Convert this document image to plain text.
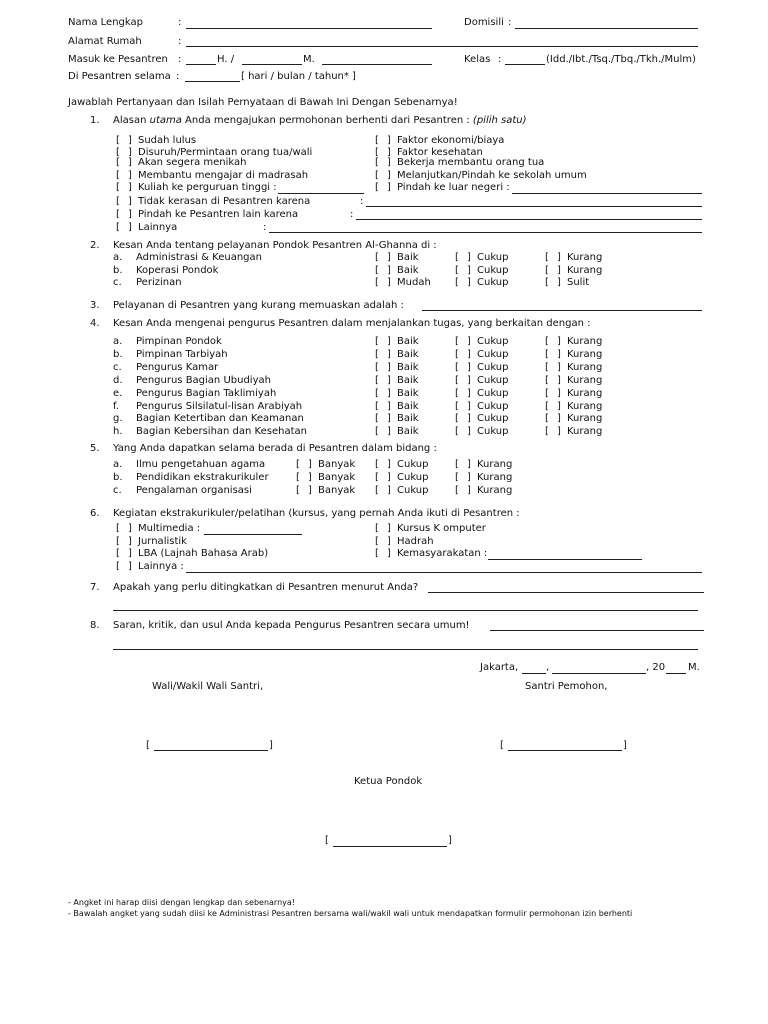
Nama Lengkap	:	Domisili :
Alamat Rumah	:
Masuk ke Pesantren :	H. /	M.	Kelas :	(Idd./Ibt./Tsq./Tbq./Tkh./Mulm)
Di Pesantren selama :	[ hari / bulan / tahun* ]
Jawablah Pertanyaan dan Isilah Pernyataan di Bawah Ini Dengan Sebenarnya!
1. Alasan utama Anda mengajukan permohonan berhenti dari Pesantren : (pilih satu)
[ ] Sudah lulus
[ ] Disuruh/Permintaan orang tua/wali
[ ] Akan segera menikah
[ ] Membantu mengajar di madrasah
[ ] Kuliah ke perguruan tinggi :
[ ] Faktor ekonomi/biaya
[ ] Faktor kesehatan
[ ] Bekerja membantu orang tua
[ ] Melanjutkan/Pindah ke sekolah umum
[ ] Pindah ke luar negeri :
[ ] Tidak kerasan di Pesantren karena	:
[ ] Pindah ke Pesantren lain karena	:
[ ] Lainnya	:
2. Kesan Anda tentang pelayanan Pondok Pesantren Al-Ghanna di :
a. Administrasi & Keuangan	[ ] Baik	[ ] Cukup	[ ] Kurang
b. Koperasi Pondok	[ ] Baik	[ ] Cukup	[ ] Kurang
c. Perizinan	[ ] Mudah [ ] Cukup	[ ] Sulit
3. Pelayanan di Pesantren yang kurang memuaskan adalah :
4. Kesan Anda mengenai pengurus Pesantren dalam menjalankan tugas, yang berkaitan dengan :
a. Pimpinan Pondok	[ ] Baik	[ ] Cukup	[ ] Kurang
b. Pimpinan Tarbiyah	[ ] Baik	[ ] Cukup	[ ] Kurang
c. Pengurus Kamar	[ ] Baik	[ ] Cukup	[ ] Kurang
d. Pengurus Bagian Ubudiyah	[ ] Baik	[ ] Cukup	[ ] Kurang
e. Pengurus Bagian Taklimiyah	[ ] Baik	[ ] Cukup	[ ] Kurang
f. Pengurus Silsilatul-lisan Arabiyah	[ ] Baik	[ ] Cukup	[ ] Kurang
g. Bagian Ketertiban dan Keamanan	[ ] Baik	[ ] Cukup	[ ] Kurang
h. Bagian Kebersihan dan Kesehatan	[ ] Baik	[ ] Cukup	[ ] Kurang
5. Yang Anda dapatkan selama berada di Pesantren dalam bidang :
a. Ilmu pengetahuan agama	[ ] Banyak [ ] Cukup	[ ] Kurang
b. Pendidikan ekstrakurikuler	[ ] Banyak [ ] Cukup	[ ] Kurang
c. Pengalaman organisasi	[ ] Banyak [ ] Cukup	[ ] Kurang
6. Kegiatan ekstrakurikuler/pelatihan (kursus, yang pernah Anda ikuti di Pesantren :
[ ] Multimedia :
[ ] Jurnalistik
[ ] LBA (Lajnah Bahasa Arab)
[ ] Lainnya :
[ ] Kursus K omputer
[ ] Hadrah
[ ] Kemasyarakatan :
7. Apakah yang perlu ditingkatkan di Pesantren menurut Anda?
8. Saran, kritik, dan usul Anda kepada Pengurus Pesantren secara umum!
Jakarta,	,	, 20 M.
Wali/Wakil Wali Santri,	Santri Pemohon,
[	]	[	]
Ketua Pondok
[	]
- Angket ini harap diisi dengan lengkap dan sebenarnya!
- Bawalah angket yang sudah diisi ke Administrasi Pesantren bersama wali/wakil wali untuk mendapatkan formulir permohonan izin berhenti
